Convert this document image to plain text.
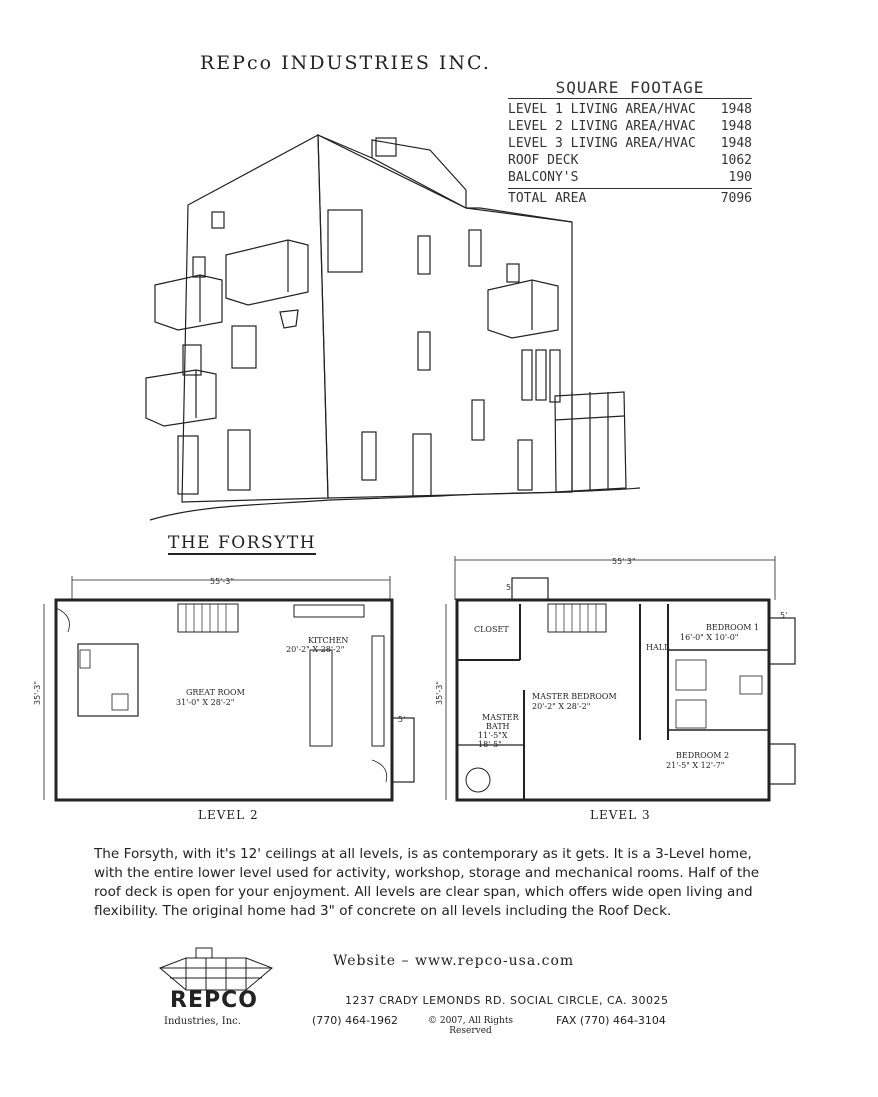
REPco INDUSTRIES INC.
SQUARE FOOTAGE
LEVEL 1 LIVING AREA/HVAC 1948
LEVEL 2 LIVING AREA/HVAC 1948
LEVEL 3 LIVING AREA/HVAC 1948
ROOF DECK	1062
BALCONY'S	190
TOTAL AREA	7096
THE FORSYTH
55'-3"
35'-3"
5'
KITCHEN
20'-2" X 28'-2"
GREAT ROOM
31'-0" X 28'-2"
LEVEL 2
55' 3"
35'-3"
5'
5'
CLOSET
MASTER BEDROOM
20'-2" X 28'-2"
MASTER
BATH
11'-5"X
18'-5"
HALL
BEDROOM 1
16'-0" X 10'-0"
BEDROOM 2
21'-5" X 12'-7"
LEVEL 3
The Forsyth, with it's 12' ceilings at all levels, is as contemporary as it gets. It is a 3-Level home, with the entire lower level used for activity, workshop, storage and mechanical rooms. Half of the roof deck is open for your enjoyment. All levels are clear span, which offers wide open living and flexibility. The original home had 3" of concrete on all levels including the Roof Deck.
REPCO
Industries, Inc.
Website – www.repco-usa.com
1237 CRADY LEMONDS RD. SOCIAL CIRCLE, CA. 30025
(770) 464-1962	© 2007, All Rights
Reserved
FAX (770) 464-3104
